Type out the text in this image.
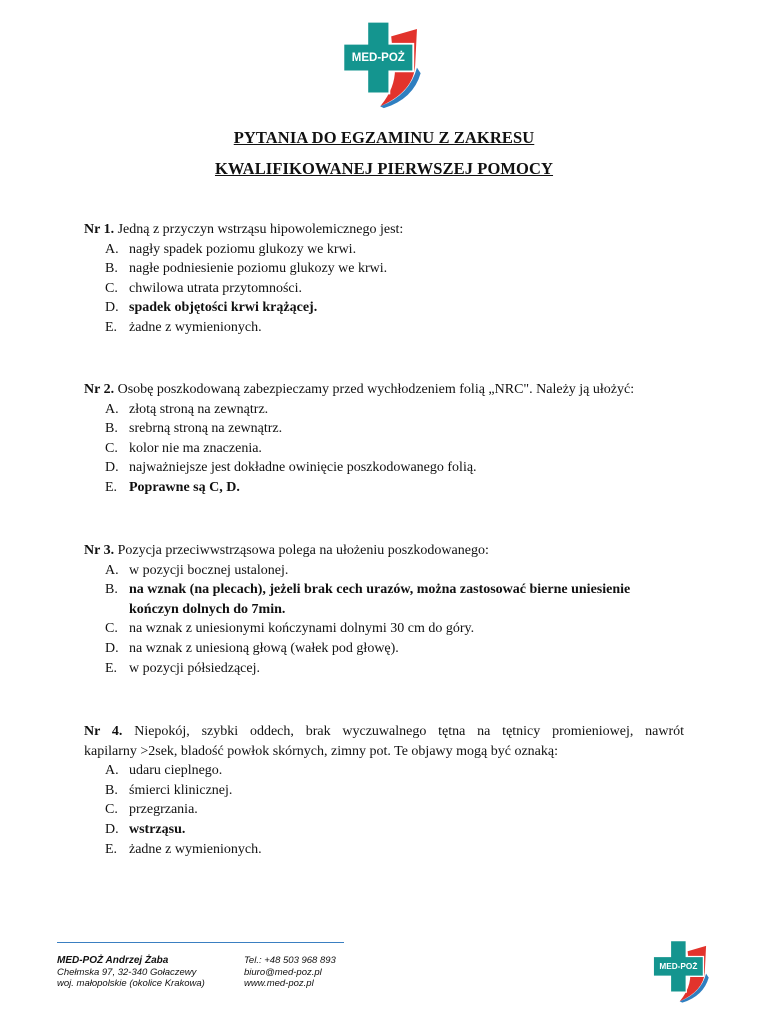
MED-POŻ
PYTANIA DO EGZAMINU Z ZAKRESU
KWALIFIKOWANEJ PIERWSZEJ POMOCY

Nr 1. Jedną z przyczyn wstrząsu hipowolemicznego jest:

A. nagły spadek poziomu glukozy we krwi.
B. nagłe podniesienie poziomu glukozy we krwi.
C. chwilowa utrata przytomności.
D. spadek objętości krwi krążącej.
E. żadne z wymienionych.

Nr 2. Osobę poszkodowaną zabezpieczamy przed wychłodzeniem folią „NRC". Należy ją ułożyć:

A. złotą stroną na zewnątrz.
B. srebrną stroną na zewnątrz.
C. kolor nie ma znaczenia.
D. najważniejsze jest dokładne owinięcie poszkodowanego folią.
E. Poprawne są C, D.

Nr 3. Pozycja przeciwwstrząsowa polega na ułożeniu poszkodowanego:

A. w pozycji bocznej ustalonej.
B. na wznak (na plecach), jeżeli brak cech urazów, można zastosować bierne uniesienie kończyn dolnych do 7min.
C. na wznak z uniesionymi kończynami dolnymi 30 cm do góry.
D. na wznak z uniesioną głową (wałek pod głowę).
E. w pozycji półsiedzącej.

Nr 4. Niepokój, szybki oddech, brak wyczuwalnego tętna na tętnicy promieniowej, nawrót

kapilarny >2sek, bladość powłok skórnych, zimny pot. Te objawy mogą być oznaką:

A. udaru cieplnego.
B. śmierci klinicznej.
C. przegrzania.
D. wstrząsu.
E. żadne z wymienionych.
MED-POŻ Andrzej Żaba
Chełmska 97, 32-340 Gołaczewy
woj. małopolskie (okolice Krakowa)
Tel.: +48 503 968 893
biuro@med-poz.pl
www.med-poz.pl
MED-POŻ
